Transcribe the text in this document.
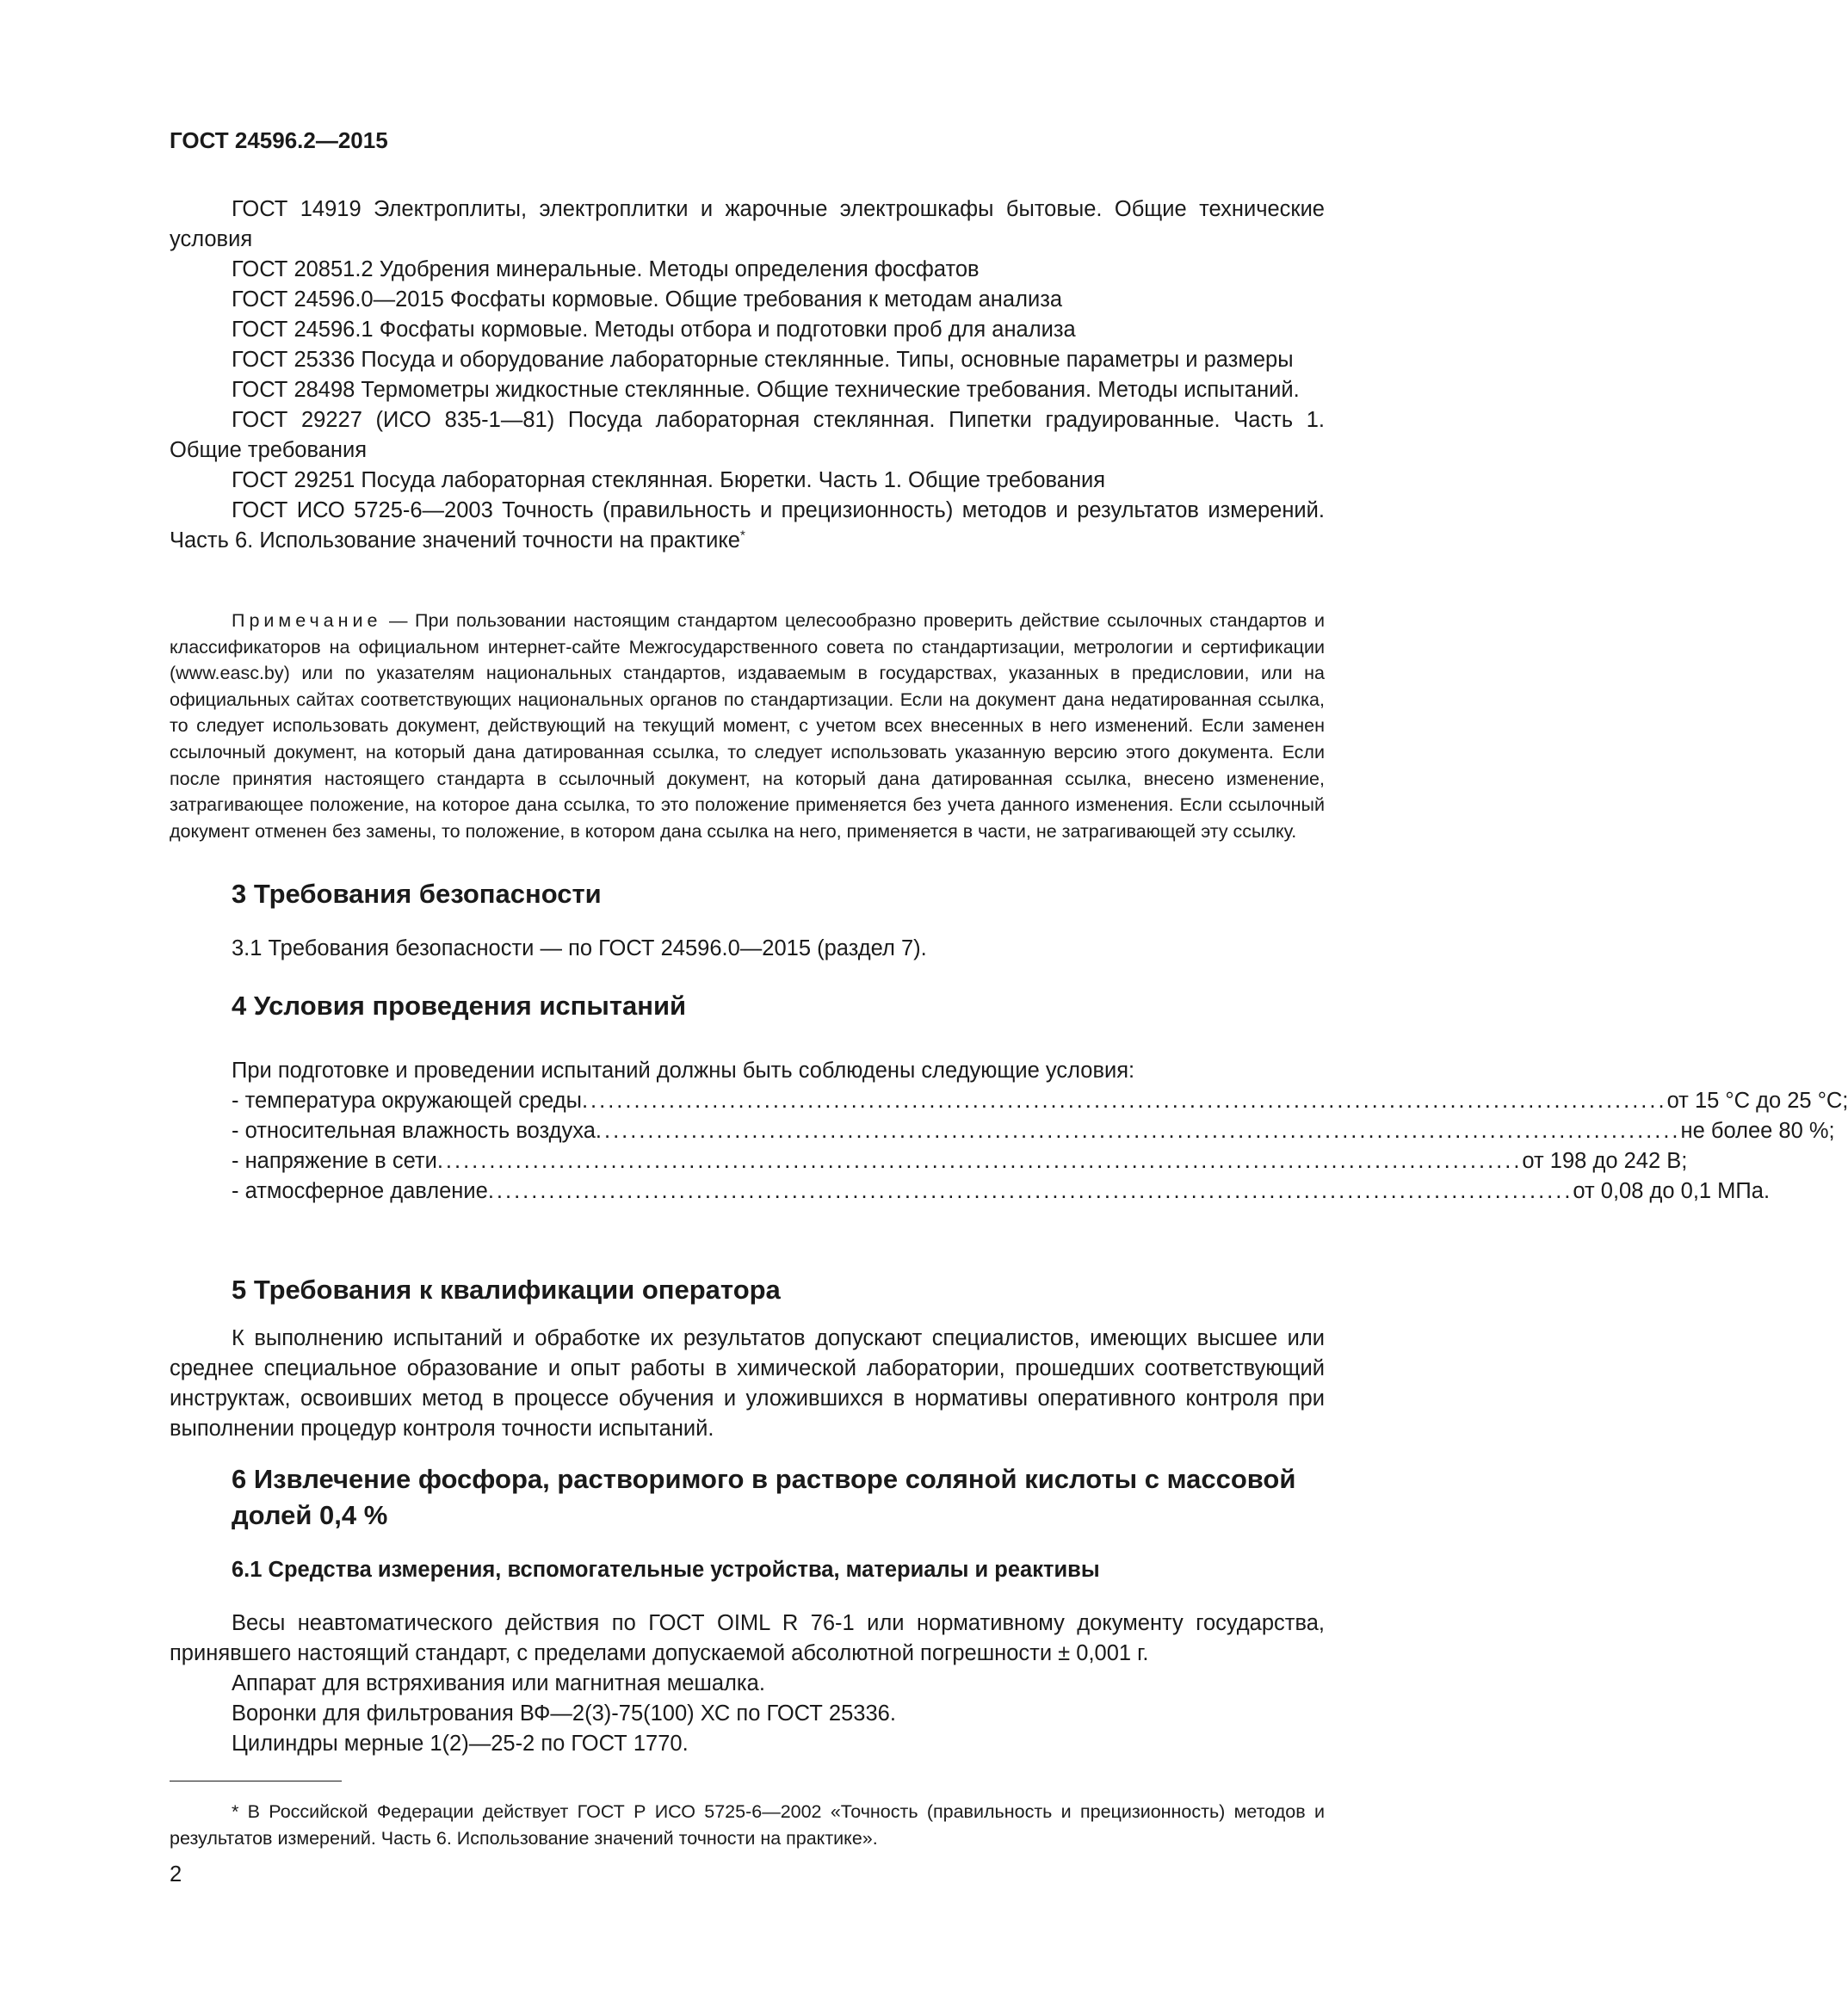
ГОСТ 24596.2—2015

ГОСТ 14919 Электроплиты, электроплитки и жарочные электрошкафы бытовые. Общие технические условия

ГОСТ 20851.2 Удобрения минеральные. Методы определения фосфатов

ГОСТ 24596.0—2015 Фосфаты кормовые. Общие требования к методам анализа

ГОСТ 24596.1 Фосфаты кормовые. Методы отбора и подготовки проб для анализа

ГОСТ 25336 Посуда и оборудование лабораторные стеклянные. Типы, основные параметры и размеры

ГОСТ 28498 Термометры жидкостные стеклянные. Общие технические требования. Методы испытаний.

ГОСТ 29227 (ИСО 835-1—81) Посуда лабораторная стеклянная. Пипетки градуированные. Часть 1. Общие требования

ГОСТ 29251 Посуда лабораторная стеклянная. Бюретки. Часть 1. Общие требования

ГОСТ ИСО 5725-6—2003 Точность (правильность и прецизионность) методов и результатов измерений. Часть 6. Использование значений точности на практике*

Примечание — При пользовании настоящим стандартом целесообразно проверить действие ссылочных стандартов и классификаторов на официальном интернет-сайте Межгосударственного совета по стандартизации, метрологии и сертификации (www.easc.by) или по указателям национальных стандартов, издаваемым в государствах, указанных в предисловии, или на официальных сайтах соответствующих национальных органов по стандартизации. Если на документ дана недатированная ссылка, то следует использовать документ, действующий на текущий момент, с учетом всех внесенных в него изменений. Если заменен ссылочный документ, на который дана датированная ссылка, то следует использовать указанную версию этого документа. Если после принятия настоящего стандарта в ссылочный документ, на который дана датированная ссылка, внесено изменение, затрагивающее положение, на которое дана ссылка, то это положение применяется без учета данного изменения. Если ссылочный документ отменен без замены, то положение, в котором дана ссылка на него, применяется в части, не затрагивающей эту ссылку.
3 Требования безопасности
3.1 Требования безопасности — по ГОСТ 24596.0—2015 (раздел 7).
4 Условия проведения испытаний
При подготовке и проведении испытаний должны быть соблюдены следующие условия:
- температура окружающей среды ............................................................................................................................. от 15 °С до 25 °С;
- относительная влажность воздуха ............................................................................................................................. не более 80 %;
- напряжение в сети ............................................................................................................................. от 198 до 242 В;
- атмосферное давление ............................................................................................................................. от 0,08 до 0,1 МПа.
5 Требования к квалификации оператора
К выполнению испытаний и обработке их результатов допускают специалистов, имеющих высшее или среднее специальное образование и опыт работы в химической лаборатории, прошедших соответствующий инструктаж, освоивших метод в процессе обучения и уложившихся в нормативы оперативного контроля при выполнении процедур контроля точности испытаний.
6 Извлечение фосфора, растворимого в растворе соляной кислоты с массовой долей 0,4 %
6.1 Средства измерения, вспомогательные устройства, материалы и реактивы
Весы неавтоматического действия по ГОСТ OIML R 76-1 или нормативному документу государства, принявшего настоящий стандарт, с пределами допускаемой абсолютной погрешности ± 0,001 г.
Аппарат для встряхивания или магнитная мешалка.
Воронки для фильтрования ВФ—2(3)-75(100) ХС по ГОСТ 25336.
Цилиндры мерные 1(2)—25-2 по ГОСТ 1770.
* В Российской Федерации действует ГОСТ Р ИСО 5725-6—2002 «Точность (правильность и прецизионность) методов и результатов измерений. Часть 6. Использование значений точности на практике».
2
